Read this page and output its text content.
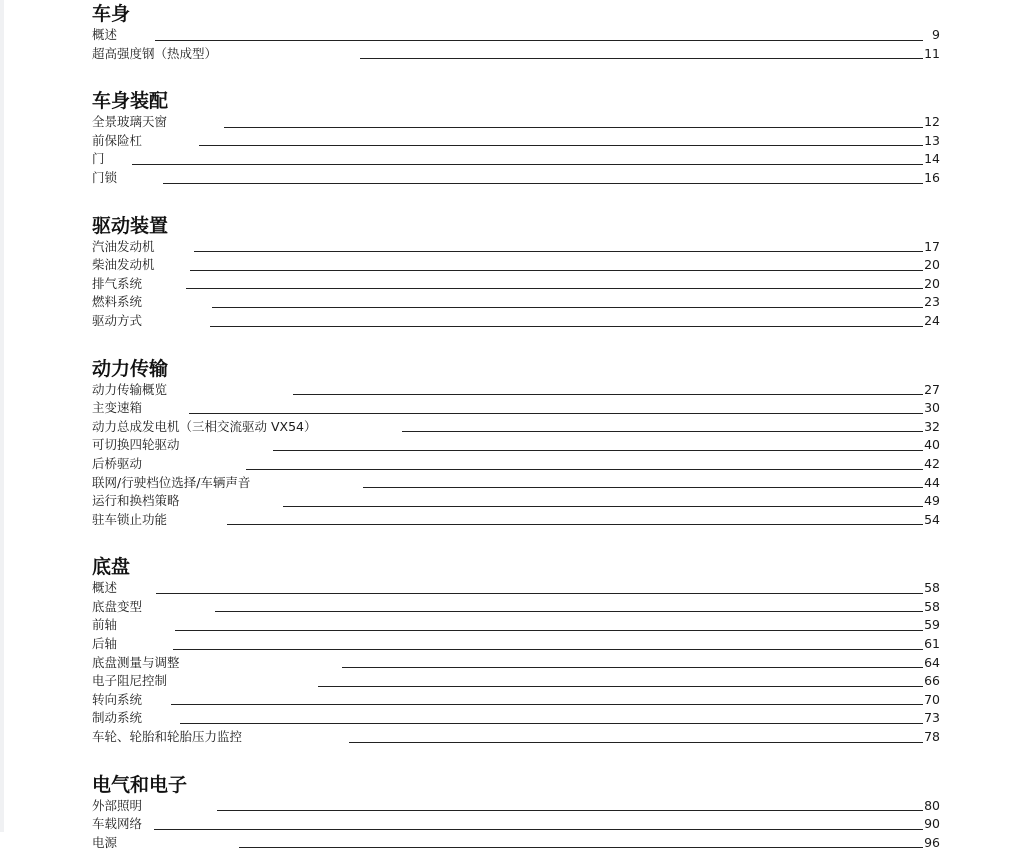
车身
概述	9
超高强度钢（热成型）	11
车身装配
全景玻璃天窗	12
前保险杠	13
门	14
门锁	16
驱动装置
汽油发动机	17
柴油发动机	20
排气系统	20
燃料系统	23
驱动方式	24
动力传输
动力传输概览	27
主变速箱	30
动力总成发电机（三相交流驱动 VX54）	32
可切换四轮驱动	40
后桥驱动	42
联网/行驶档位选择/车辆声音	44
运行和换档策略	49
驻车锁止功能	54
底盘
概述	58
底盘变型	58
前轴	59
后轴	61
底盘测量与调整	64
电子阻尼控制	66
转向系统	70
制动系统	73
车轮、轮胎和轮胎压力监控	78
电气和电子
外部照明	80
车载网络	90
电源	96
